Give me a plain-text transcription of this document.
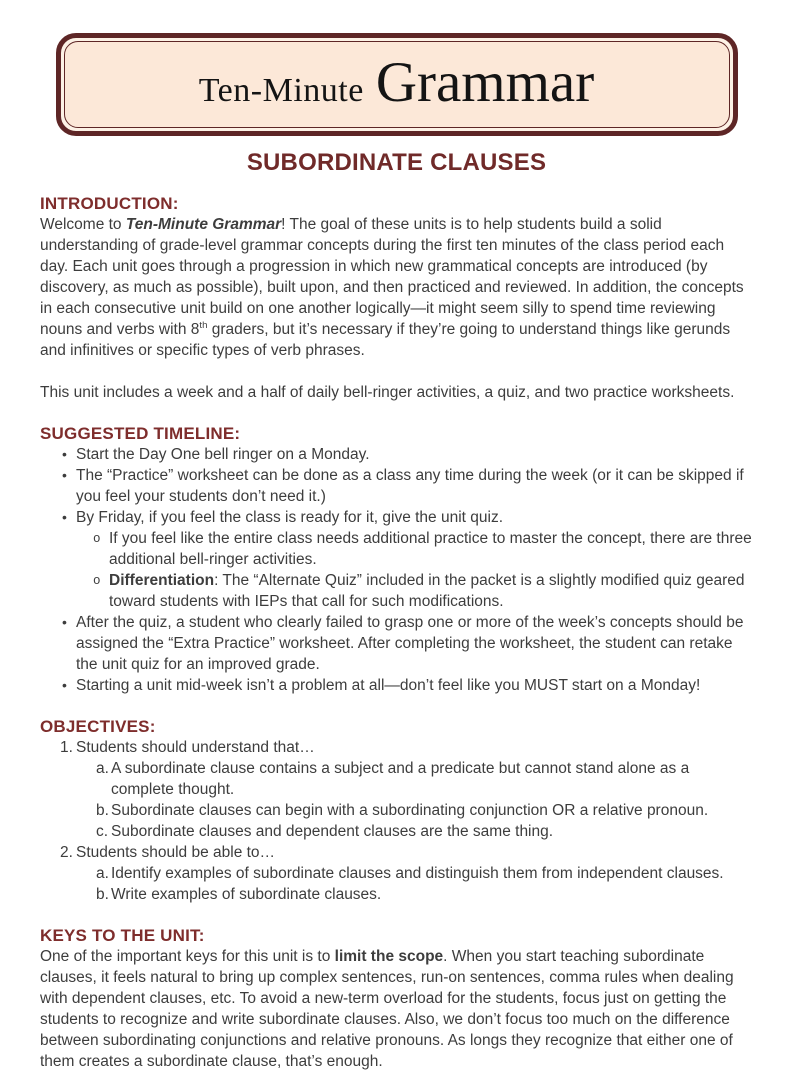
Ten-Minute Grammar
SUBORDINATE CLAUSES
INTRODUCTION:

Welcome to Ten-Minute Grammar! The goal of these units is to help students build a solid understanding of grade-level grammar concepts during the first ten minutes of the class period each day. Each unit goes through a progression in which new grammatical concepts are introduced (by discovery, as much as possible), built upon, and then practiced and reviewed. In addition, the concepts in each consecutive unit build on one another logically—it might seem silly to spend time reviewing nouns and verbs with 8th graders, but it’s necessary if they’re going to understand things like gerunds and infinitives or specific types of verb phrases.

This unit includes a week and a half of daily bell-ringer activities, a quiz, and two practice worksheets.

SUGGESTED TIMELINE:
• Start the Day One bell ringer on a Monday.
• The “Practice” worksheet can be done as a class any time during the week (or it can be skipped if you feel your students don’t need it.)
• By Friday, if you feel the class is ready for it, give the unit quiz.
o If you feel like the entire class needs additional practice to master the concept, there are three additional bell-ringer activities.
o Differentiation: The “Alternate Quiz” included in the packet is a slightly modified quiz geared toward students with IEPs that call for such modifications.
• After the quiz, a student who clearly failed to grasp one or more of the week’s concepts should be assigned the “Extra Practice” worksheet. After completing the worksheet, the student can retake the unit quiz for an improved grade.
• Starting a unit mid-week isn’t a problem at all—don’t feel like you MUST start on a Monday!
OBJECTIVES:
1. Students should understand that…
a. A subordinate clause contains a subject and a predicate but cannot stand alone as a complete thought.
b. Subordinate clauses can begin with a subordinating conjunction OR a relative pronoun.
c. Subordinate clauses and dependent clauses are the same thing.
2. Students should be able to…
a. Identify examples of subordinate clauses and distinguish them from independent clauses.
b. Write examples of subordinate clauses.
KEYS TO THE UNIT:

One of the important keys for this unit is to limit the scope. When you start teaching subordinate clauses, it feels natural to bring up complex sentences, run-on sentences, comma rules when dealing with dependent clauses, etc. To avoid a new-term overload for the students, focus just on getting the students to recognize and write subordinate clauses. Also, we don’t focus too much on the difference between subordinating conjunctions and relative pronouns. As longs they recognize that either one of them creates a subordinate clause, that’s enough.
